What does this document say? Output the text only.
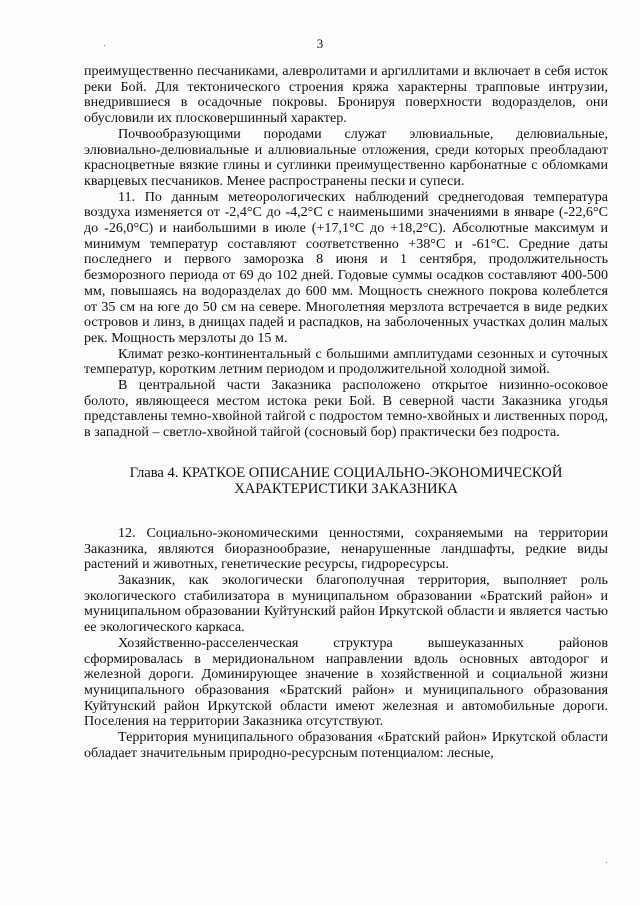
3

преимущественно песчаниками, алевролитами и аргиллитами и включает в себя исток реки Бой. Для тектонического строения кряжа характерны трапповые интрузии, внедрившиеся в осадочные покровы. Бронируя поверхности водоразделов, они обусловили их плосковершинный характер.

Почвообразующими породами служат элювиальные, делювиальные, элювиально-делювиальные и аллювиальные отложения, среди которых преобладают красноцветные вязкие глины и суглинки преимущественно карбонатные с обломками кварцевых песчаников. Менее распространены пески и супеси.

11. По данным метеорологических наблюдений среднегодовая температура воздуха изменяется от -2,4°С до -4,2°С с наименьшими значениями в январе (-22,6°С до -26,0°С) и наибольшими в июле (+17,1°С до +18,2°С). Абсолютные максимум и минимум температур составляют соответственно +38°С и -61°С. Средние даты последнего и первого заморозка 8 июня и 1 сентября, продолжительность безморозного периода от 69 до 102 дней. Годовые суммы осадков составляют 400-500 мм, повышаясь на водоразделах до 600 мм. Мощность снежного покрова колеблется от 35 см на юге до 50 см на севере. Многолетняя мерзлота встречается в виде редких островов и линз, в днищах падей и распадков, на заболоченных участках долин малых рек. Мощность мерзлоты до 15 м.

Климат резко-континентальный с большими амплитудами сезонных и суточных температур, коротким летним периодом и продолжительной холодной зимой.

В центральной части Заказника расположено открытое низинно-осоковое болото, являющееся местом истока реки Бой. В северной части Заказника угодья представлены темно-хвойной тайгой с подростом темно-хвойных и лиственных пород, в западной – светло-хвойной тайгой (сосновый бор) практически без подроста.

Глава 4. КРАТКОЕ ОПИСАНИЕ СОЦИАЛЬНО-ЭКОНОМИЧЕСКОЙ
ХАРАКТЕРИСТИКИ ЗАКАЗНИКА

12. Социально-экономическими ценностями, сохраняемыми на территории Заказника, являются биоразнообразие, ненарушенные ландшафты, редкие виды растений и животных, генетические ресурсы, гидроресурсы.

Заказник, как экологически благополучная территория, выполняет роль экологического стабилизатора в муниципальном образовании «Братский район» и муниципальном образовании Куйтунский район Иркутской области и является частью ее экологического каркаса.

Хозяйственно-расселенческая структура вышеуказанных районов сформировалась в меридиональном направлении вдоль основных автодорог и железной дороги. Доминирующее значение в хозяйственной и социальной жизни муниципального образования «Братский район» и муниципального образования Куйтунский район Иркутской области имеют железная и автомобильные дороги. Поселения на территории Заказника отсутствуют.

Территория муниципального образования «Братский район» Иркутской области обладает значительным природно-ресурсным потенциалом: лесные,
